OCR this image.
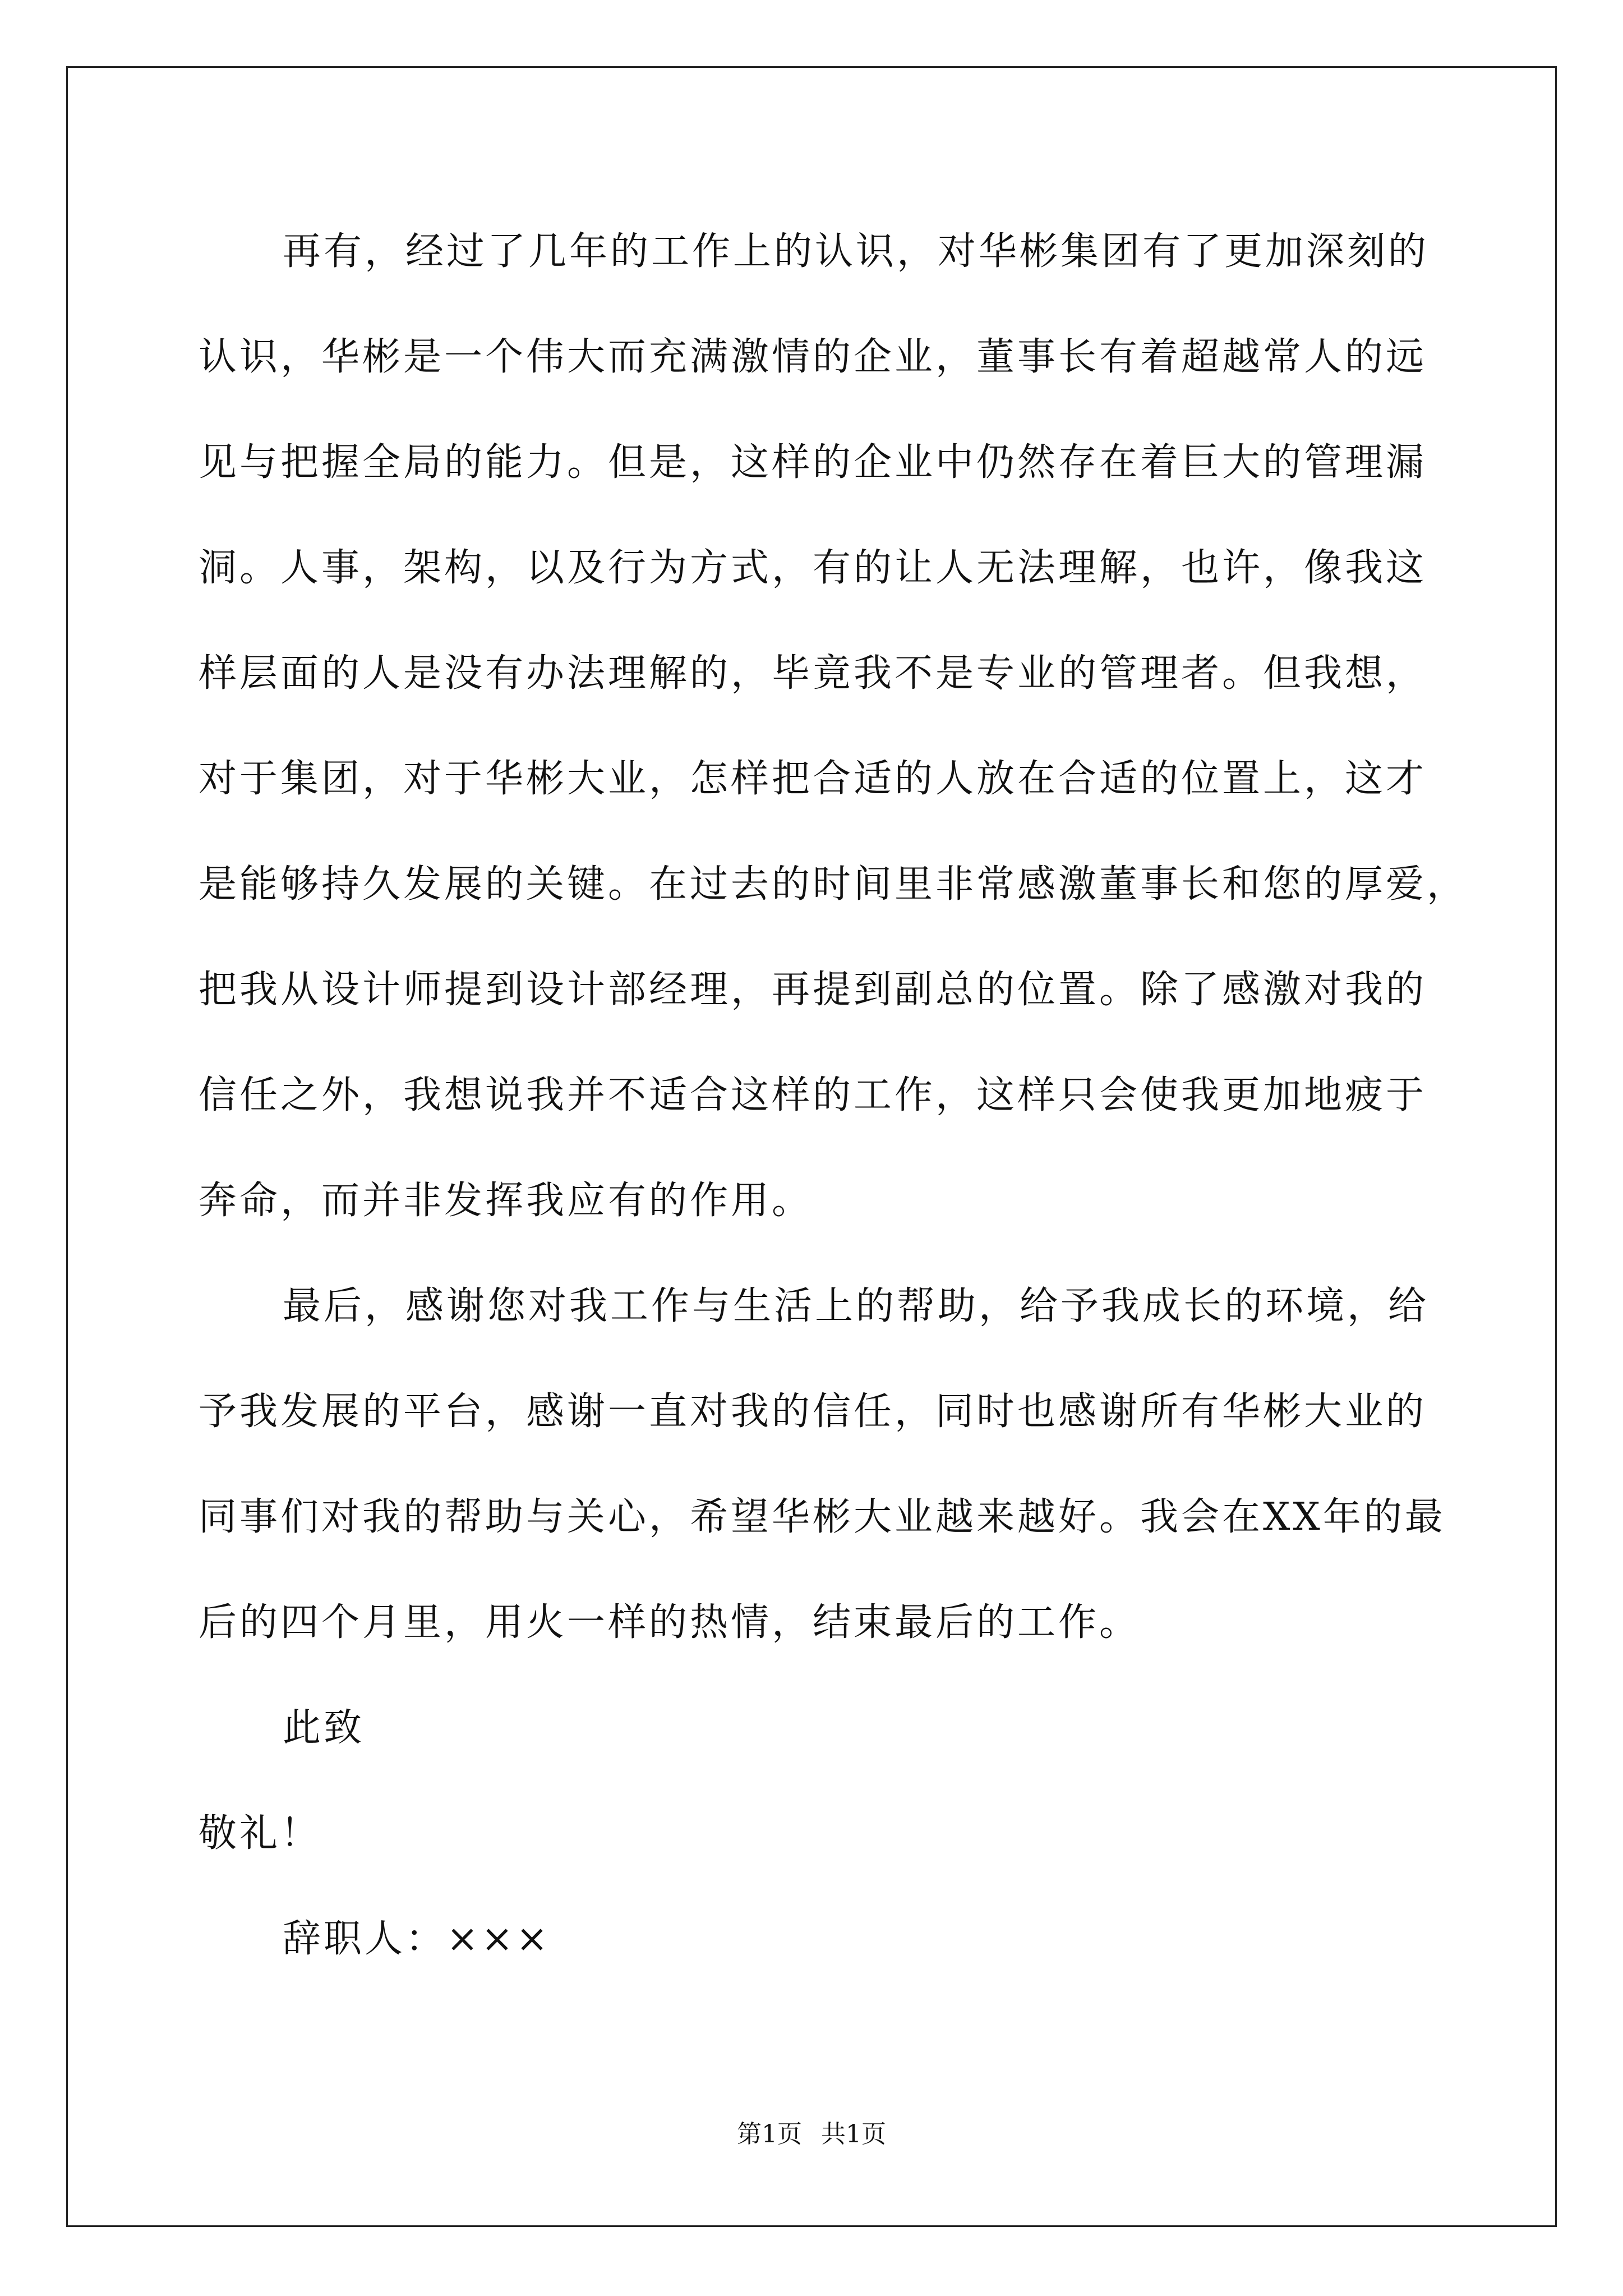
再有，经过了几年的工作上的认识，对华彬集团有了更加深刻的
认识，华彬是一个伟大而充满激情的企业，董事长有着超越常人的远
见与把握全局的能力。但是，这样的企业中仍然存在着巨大的管理漏
洞。人事，架构，以及行为方式，有的让人无法理解，也许，像我这
样层面的人是没有办法理解的，毕竟我不是专业的管理者。但我想，
对于集团，对于华彬大业，怎样把合适的人放在合适的位置上，这才
是能够持久发展的关键。在过去的时间里非常感激董事长和您的厚爱，
把我从设计师提到设计部经理，再提到副总的位置。除了感激对我的
信任之外，我想说我并不适合这样的工作，这样只会使我更加地疲于
奔命，而并非发挥我应有的作用。
最后，感谢您对我工作与生活上的帮助，给予我成长的环境，给
予我发展的平台，感谢一直对我的信任，同时也感谢所有华彬大业的
同事们对我的帮助与关心，希望华彬大业越来越好。我会在XX年的最
后的四个月里，用火一样的热情，结束最后的工作。
此致
敬礼！
辞职人：×××
第1页 共1页
